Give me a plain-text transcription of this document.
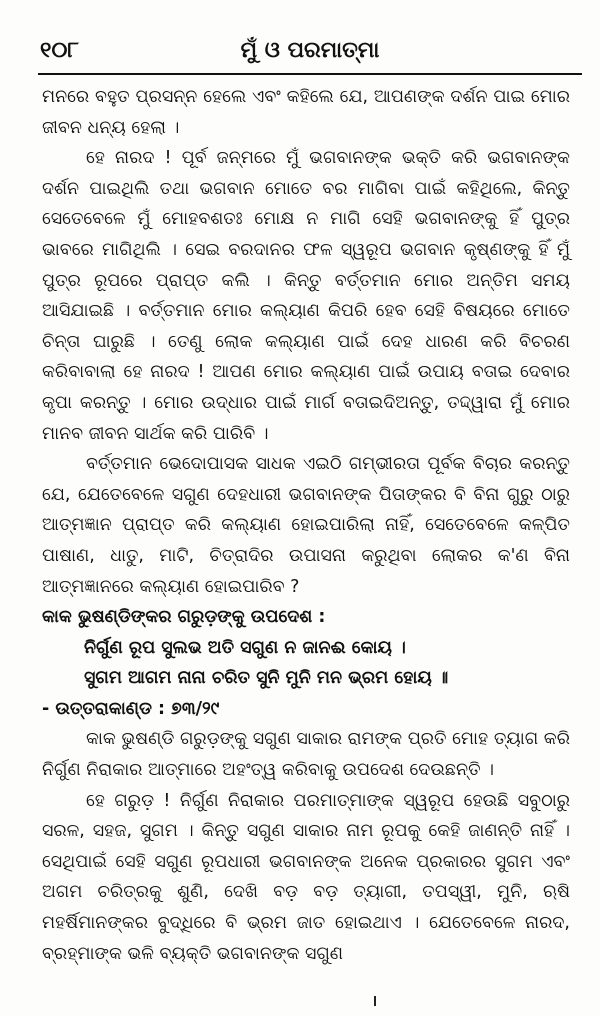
୧୦୮	ମୁଁ ଓ ପରମାତ୍ମା

ମନରେ ବହୁତ ପ୍ରସନ୍ନ ହେଲେ ଏବଂ କହିଲେ ଯେ, ଆପଣଙ୍କ ଦର୍ଶନ ପାଇ ମୋର ଜୀବନ ଧନ୍ୟ ହେଲା ।

ହେ ନାରଦ ! ପୂର୍ବ ଜନ୍ମରେ ମୁଁ ଭଗବାନଙ୍କ ଭକ୍ତି କରି ଭଗବାନଙ୍କ ଦର୍ଶନ ପାଇଥିଲି ତଥା ଭଗବାନ ମୋତେ ବର ମାଗିବା ପାଇଁ କହିଥିଲେ, କିନ୍ତୁ ସେତେବେଳେ ମୁଁ ମୋହବଶତଃ ମୋକ୍ଷ ନ ମାଗି ସେହି ଭଗବାନଙ୍କୁ ହିଁ ପୁତ୍ର ଭାବରେ ମାଗିଥିଲି । ସେଇ ବରଦାନର ଫଳ ସ୍ୱରୂପ ଭଗବାନ କୃଷ୍ଣଙ୍କୁ ହିଁ ମୁଁ ପୁତ୍ର ରୂପରେ ପ୍ରାପ୍ତ କଲି । କିନ୍ତୁ ବର୍ତ୍ତମାନ ମୋର ଅନ୍ତିମ ସମୟ ଆସିଯାଇଛି । ବର୍ତ୍ତମାନ ମୋର କଲ୍ୟାଣ କିପରି ହେବ ସେହି ବିଷୟରେ ମୋତେ ଚିନ୍ତା ଘାରୁଛି । ତେଣୁ ଲୋକ କଲ୍ୟାଣ ପାଇଁ ଦେହ ଧାରଣ କରି ବିଚରଣ କରିବାବାଲା ହେ ନାରଦ ! ଆପଣ ମୋର କଲ୍ୟାଣ ପାଇଁ ଉପାୟ ବତାଇ ଦେବାର କୃପା କରନ୍ତୁ । ମୋର ଉଦ୍ଧାର ପାଇଁ ମାର୍ଗ ବତାଇଦିଅନ୍ତୁ, ତଦ୍ଦ୍ୱାରା ମୁଁ ମୋର ମାନବ ଜୀବନ ସାର୍ଥକ କରି ପାରିବି ।

ବର୍ତ୍ତମାନ ଭେଦୋପାସକ ସାଧକ ଏଇଠି ଗମ୍ଭୀରତା ପୂର୍ବକ ବିଚାର କରନ୍ତୁ ଯେ, ଯେତେବେଳେ ସଗୁଣ ଦେହଧାରୀ ଭଗବାନଙ୍କ ପିତାଙ୍କର ବି ବିନା ଗୁରୁ ଠାରୁ ଆତ୍ମଜ୍ଞାନ ପ୍ରାପ୍ତ କରି କଲ୍ୟାଣ ହୋଇପାରିଲା ନାହିଁ, ସେତେବେଳେ କଳ୍ପିତ ପାଷାଣ, ଧାତୁ, ମାଟି, ଚିତ୍ରାଦିର ଉପାସନା କରୁଥିବା ଲୋକର କ'ଣ ବିନା ଆତ୍ମଜ୍ଞାନରେ କଲ୍ୟାଣ ହୋଇପାରିବ ?

କାକ ଭୁଷଣ୍ଡିଙ୍କର ଗରୁଡ଼ଙ୍କୁ ଉପଦେଶ :

ନିର୍ଗୁଣ ରୂପ ସୁଲଭ ଅତି ସଗୁଣ ନ ଜାନଈ କୋୟ ।

ସୁଗମ ଆଗମ ନାନା ଚରିତ ସୁନି ମୁନି ମନ ଭ୍ରମ ହୋୟ ॥

- ଉତ୍ତରାକାଣ୍ଡ : ୭୩/୨୯

କାକ ଭୁଷଣ୍ଡି ଗରୁଡ଼ଙ୍କୁ ସଗୁଣ ସାକାର ରାମଙ୍କ ପ୍ରତି ମୋହ ତ୍ୟାଗ କରି ନିର୍ଗୁଣ ନିରାକାର ଆତ୍ମାରେ ଅହଂତ୍ୱ କରିବାକୁ ଉପଦେଶ ଦେଉଛନ୍ତି ।

ହେ ଗରୁଡ଼ ! ନିର୍ଗୁଣ ନିରାକାର ପରମାତ୍ମାଙ୍କ ସ୍ୱରୂପ ହେଉଛି ସବୁଠାରୁ ସରଳ, ସହଜ, ସୁଗମ । କିନ୍ତୁ ସଗୁଣ ସାକାର ନାମ ରୂପକୁ କେହି ଜାଣନ୍ତି ନାହିଁ । ସେଥିପାଇଁ ସେହି ସଗୁଣ ରୂପଧାରୀ ଭଗବାନଙ୍କ ଅନେକ ପ୍ରକାରର ସୁଗମ ଏବଂ ଅଗମ ଚରିତ୍ରକୁ ଶୁଣି, ଦେଖି ବଡ଼ ବଡ଼ ତ୍ୟାଗୀ, ତପସ୍ୱୀ, ମୁନି, ଋଷି ମହର୍ଷିମାନଙ୍କର ବୁଦ୍ଧିରେ ବି ଭ୍ରମ ଜାତ ହୋଇଥାଏ । ଯେତେବେଳେ ନାରଦ, ବ୍ରହ୍ମାଙ୍କ ଭଳି ବ୍ୟକ୍ତି ଭଗବାନଙ୍କ ସଗୁଣ
